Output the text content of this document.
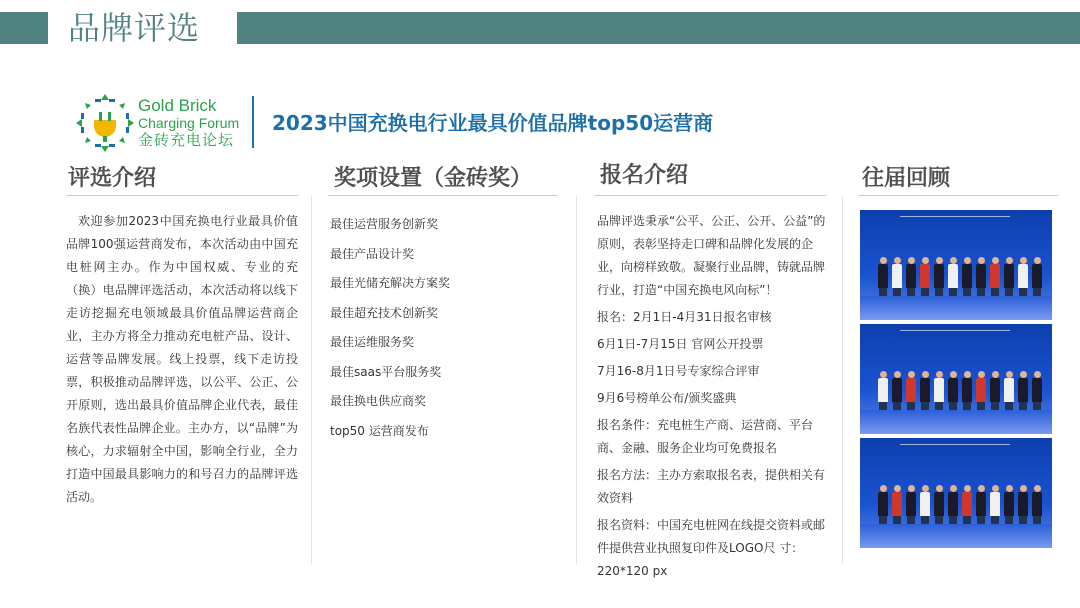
品牌评选
Gold Brick
Charging Forum
金砖充电论坛
2023中国充换电行业最具价值品牌top50运营商
评选介绍	奖项设置（金砖奖）	报名介绍	往届回顾

欢迎参加2023中国充换电行业最具价值品牌100强运营商发布，本次活动由中国充电桩网主办。作为中国权威、专业的充（换）电品牌评选活动，本次活动将以线下走访挖掘充电领域最具价值品牌运营商企业，主办方将全力推动充电桩产品、设计、运营等品牌发展。线上投票，线下走访投票，积极推动品牌评选，以公平、公正、公开原则，选出最具价值品牌企业代表，最佳名族代表性品牌企业。主办方，以“品牌”为核心，力求辐射全中国，影响全行业，全力打造中国最具影响力的和号召力的品牌评选活动。

最佳运营服务创新奖
最佳产品设计奖
最佳光储充解决方案奖
最佳超充技术创新奖
最佳运维服务奖
最佳saas平台服务奖
最佳换电供应商奖
top50 运营商发布

品牌评选秉承“公平、公正、公开、公益”的原则，表彰坚持走口碑和品牌化发展的企业，向榜样致敬。凝聚行业品牌，铸就品牌行业，打造“中国充换电风向标”！

报名：2月1日-4月31日报名审核

6月1日-7月15日 官网公开投票

7月16-8月1日号专家综合评审

9月6号榜单公布/颁奖盛典

报名条件：充电桩生产商、运营商、平台商、金融、服务企业均可免费报名

报名方法：主办方索取报名表，提供相关有效资料

报名资料：中国充电桩网在线提交资料或邮件提供营业执照复印件及LOGO尺 寸：220*120 px
